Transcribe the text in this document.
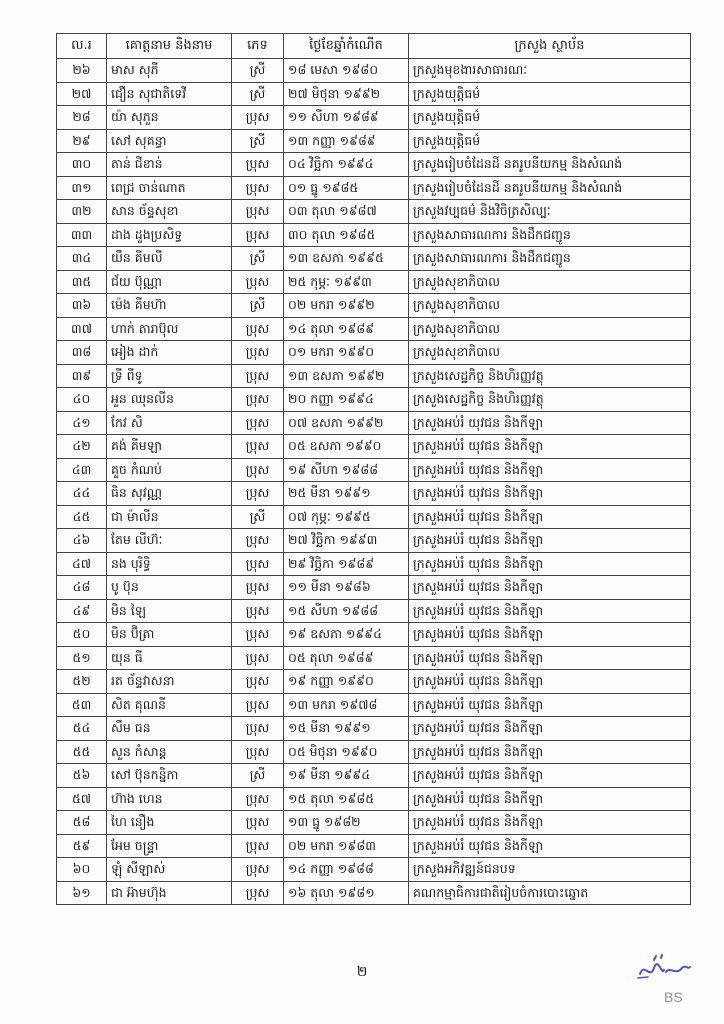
ល.រ	គោត្តនាម និងនាម	ភេទ	ថ្ងៃខែឆ្នាំកំណើត	ក្រសួង ស្ថាប័ន
២៦	មាស សុភី	ស្រី	១៨ មេសា ១៩៨០	ក្រសួងមុខងារសាធារណៈ
២៧	ជឿន សុជាតិទេវី	ស្រី	២៧ មិថុនា ១៩៩២	ក្រសួងយុត្តិធម៌
២៨	យ៉ា សុភួន	ប្រុស	១១ សីហា ១៩៨៩	ក្រសួងយុត្តិធម៌
២៩	សៅ សុគន្ធា	ស្រី	១៣ កញ្ញា ១៩៨៩	ក្រសួងយុត្តិធម៌
៣០	តាន់ ជីខាន់	ប្រុស	០៤ វិច្ឆិកា ១៩៩៤	ក្រសួងរៀបចំដែនដី នគរូបនីយកម្ម និងសំណង់
៣១	ពេជ្រ ចាន់ណាត	ប្រុស	០១ ធ្នូ ១៩៨៥	ក្រសួងរៀបចំដែនដី នគរូបនីយកម្ម និងសំណង់
៣២	សាន ច័ន្ទសុខា	ប្រុស	០៣ តុលា ១៩៨៧	ក្រសួងវប្បធម៌ និងវិចិត្រសិល្បៈ
៣៣	ដាង ដួងប្រសិទ្ធ	ប្រុស	៣០ តុលា ១៩៨៥	ក្រសួងសាធារណការ និងដឹកជញ្ជូន
៣៤	យឹន គីមលី	ស្រី	១៣ ឧសភា ១៩៩៥	ក្រសួងសាធារណការ និងដឹកជញ្ជូន
៣៥	ជ័យ ប៊ុណ្ណា	ប្រុស	២៥ កុម្ភៈ ១៩៩៣	ក្រសួងសុខាភិបាល
៣៦	ម៉េង គីមហ៊ា	ស្រី	០២ មករា ១៩៩២	ក្រសួងសុខាភិបាល
៣៧	ហាក់ តារាប៊ុល	ប្រុស	១៤ តុលា ១៩៨៩	ក្រសួងសុខាភិបាល
៣៨	អៀង ដាក់	ប្រុស	០១ មករា ១៩៩០	ក្រសួងសុខាភិបាល
៣៩	ទ្រី ពីទូ	ប្រុស	១៣ ឧសភា ១៩៩២	ក្រសួងសេដ្ឋកិច្ច និងហិរញ្ញវត្ថុ
៤០	អួន ឈុនលីន	ប្រុស	២០ កញ្ញា ១៩៩៤	ក្រសួងសេដ្ឋកិច្ច និងហិរញ្ញវត្ថុ
៤១	កែវ សិ	ប្រុស	០៧ ឧសភា ១៩៩២	ក្រសួងអប់រំ យុវជន និងកីឡា
៤២	គង់ គីមឡា	ប្រុស	០៥ ឧសភា ១៩៩០	ក្រសួងអប់រំ យុវជន និងកីឡា
៤៣	គួច កំណប់	ប្រុស	១៩ សីហា ១៩៨៨	ក្រសួងអប់រំ យុវជន និងកីឡា
៤៤	ធិន សុវណ្ណ	ប្រុស	២៥ មីនា ១៩៩១	ក្រសួងអប់រំ យុវជន និងកីឡា
៤៥	ជា ម៉ាលីន	ស្រី	០៧ កុម្ភៈ ១៩៩៥	ក្រសួងអប់រំ យុវជន និងកីឡា
៤៦	តែម លីហ៊ៈ	ប្រុស	២៧ វិច្ឆិកា ១៩៩៣	ក្រសួងអប់រំ យុវជន និងកីឡា
៤៧	នង បុរិទ្ធិ	ប្រុស	២៩ វិច្ឆិកា ១៩៨៩	ក្រសួងអប់រំ យុវជន និងកីឡា
៤៨	បូ ប៊ុន	ប្រុស	១១ មីនា ១៩៨៦	ក្រសួងអប់រំ យុវជន និងកីឡា
៤៩	មិន ឡៃ	ប្រុស	១៥ សីហា ១៩៨៨	ក្រសួងអប់រំ យុវជន និងកីឡា
៥០	មិន ប៊ិត្រា	ប្រុស	១៩ ឧសភា ១៩៩៤	ក្រសួងអប់រំ យុវជន និងកីឡា
៥១	យុន ធី	ប្រុស	០៥ តុលា ១៩៨៩	ក្រសួងអប់រំ យុវជន និងកីឡា
៥២	រត ច័ន្ទវាសនា	ប្រុស	១៩ កញ្ញា ១៩៩០	ក្រសួងអប់រំ យុវជន និងកីឡា
៥៣	សិត គុណនី	ប្រុស	១៣ មករា ១៩៧៨	ក្រសួងអប់រំ យុវជន និងកីឡា
៥៤	សឹម ធន	ប្រុស	១៥ មីនា ១៩៩១	ក្រសួងអប់រំ យុវជន និងកីឡា
៥៥	សួន កំសាន្ត	ប្រុស	០៥ មិថុនា ១៩៩០	ក្រសួងអប់រំ យុវជន និងកីឡា
៥៦	សៅ ប៊ុនកន្និកា	ស្រី	១៩ មីនា ១៩៩៤	ក្រសួងអប់រំ យុវជន និងកីឡា
៥៧	ហ៊ាង ហេន	ប្រុស	១៥ តុលា ១៩៨៥	ក្រសួងអប់រំ យុវជន និងកីឡា
៥៨	ហៃ នឿង	ប្រុស	១៣ ធ្នូ ១៩៨២	ក្រសួងអប់រំ យុវជន និងកីឡា
៥៩	អែម ចន្ទ្រា	ប្រុស	០២ មករា ១៩៨៣	ក្រសួងអប់រំ យុវជន និងកីឡា
៦០	ឡុំ សីឡាស់	ប្រុស	១៤ កញ្ញា ១៩៨៨	ក្រសួងអភិវឌ្ឍន៍ជនបទ
៦១	ជា អ៊ាមហ៊ុង	ប្រុស	១៦ តុលា ១៩៨១	គណកម្មាធិការជាតិរៀបចំការបោះឆ្នោត
២
BS
